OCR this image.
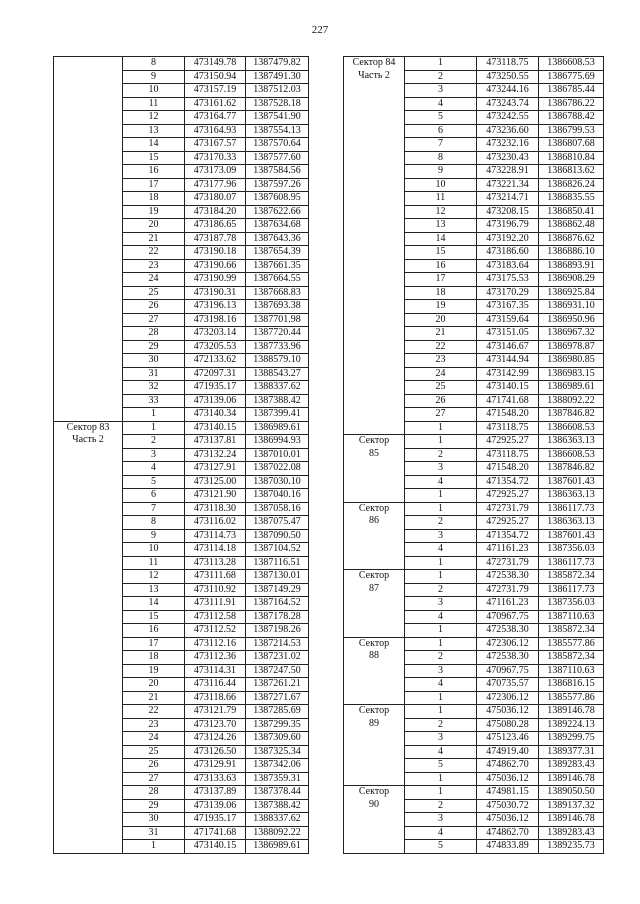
227
	8	473149.78	1387479.82
	9	473150.94	1387491.30
	10	473157.19	1387512.03
	11	473161.62	1387528.18
	12	473164.77	1387541.90
	13	473164.93	1387554.13
	14	473167.57	1387570.64
	15	473170.33	1387577.60
	16	473173.09	1387584.56
	17	473177.96	1387597.26
	18	473180.07	1387608.95
	19	473184.20	1387622.66
	20	473186.65	1387634.68
	21	473187.78	1387643.36
	22	473190.18	1387654.39
	23	473190.66	1387661.35
	24	473190.99	1387664.55
	25	473190.31	1387668.83
	26	473196.13	1387693.38
	27	473198.16	1387701.98
	28	473203.14	1387720.44
	29	473205.53	1387733.96
	30	472133.62	1388579.10
	31	472097.31	1388543.27
	32	471935.17	1388337.62
	33	473139.06	1387388.42
	1	473140.34	1387399.41

Сектор 83
Часть 2	1	473140.15	1386989.61
	2	473137.81	1386994.93
	3	473132.24	1387010.01
	4	473127.91	1387022.08
	5	473125.00	1387030.10
	6	473121.90	1387040.16
	7	473118.30	1387058.16
	8	473116.02	1387075.47
	9	473114.73	1387090.50
	10	473114.18	1387104.52
	11	473113.28	1387116.51
	12	473111.68	1387130.01
	13	473110.92	1387149.29
	14	473111.91	1387164.52
	15	473112.58	1387178.28
	16	473112.52	1387198.26
	17	473112.16	1387214.53
	18	473112.36	1387231.02
	19	473114.31	1387247.50
	20	473116.44	1387261.21
	21	473118.66	1387271.67
	22	473121.79	1387285.69
	23	473123.70	1387299.35
	24	473124.26	1387309.60
	25	473126.50	1387325.34
	26	473129.91	1387342.06
	27	473133.63	1387359.31
	28	473137.89	1387378.44
	29	473139.06	1387388.42
	30	471935.17	1388337.62
	31	471741.68	1388092.22
	1	473140.15	1386989.61
Сектор 84
Часть 2	1	473118.75	1386608.53
	2	473250.55	1386775.69
	3	473244.16	1386785.44
	4	473243.74	1386786.22
	5	473242.55	1386788.42
	6	473236.60	1386799.53
	7	473232.16	1386807.68
	8	473230.43	1386810.84
	9	473228.91	1386813.62
	10	473221.34	1386826.24
	11	473214.71	1386835.55
	12	473208.15	1386850.41
	13	473196.79	1386862.48
	14	473192.20	1386876.62
	15	473186.60	1386886.10
	16	473183.64	1386893.91
	17	473175.53	1386908.29
	18	473170.29	1386925.84
	19	473167.35	1386931.10
	20	473159.64	1386950.96
	21	473151.05	1386967.32
	22	473146.67	1386978.87
	23	473144.94	1386980.85
	24	473142.99	1386983.15
	25	473140.15	1386989.61
	26	471741.68	1388092.22
	27	471548.20	1387846.82
	1	473118.75	1386608.53

Сектор
85	1	472925.27	1386363.13
	2	473118.75	1386608.53
	3	471548.20	1387846.82
	4	471354.72	1387601.43
	1	472925.27	1386363.13

Сектор
86	1	472731.79	1386117.73
	2	472925.27	1386363.13
	3	471354.72	1387601.43
	4	471161.23	1387356.03
	1	472731.79	1386117.73

Сектор
87	1	472538.30	1385872.34
	2	472731.79	1386117.73
	3	471161.23	1387356.03
	4	470967.75	1387110.63
	1	472538.30	1385872.34

Сектор
88	1	472306.12	1385577.86
	2	472538.30	1385872.34
	3	470967.75	1387110.63
	4	470735.57	1386816.15
	1	472306.12	1385577.86

Сектор
89	1	475036.12	1389146.78
	2	475080.28	1389224.13
	3	475123.46	1389299.75
	4	474919.40	1389377.31
	5	474862.70	1389283.43
	1	475036.12	1389146.78

Сектор
90	1	474981.15	1389050.50
	2	475030.72	1389137.32
	3	475036.12	1389146.78
	4	474862.70	1389283.43
	5	474833.89	1389235.73
